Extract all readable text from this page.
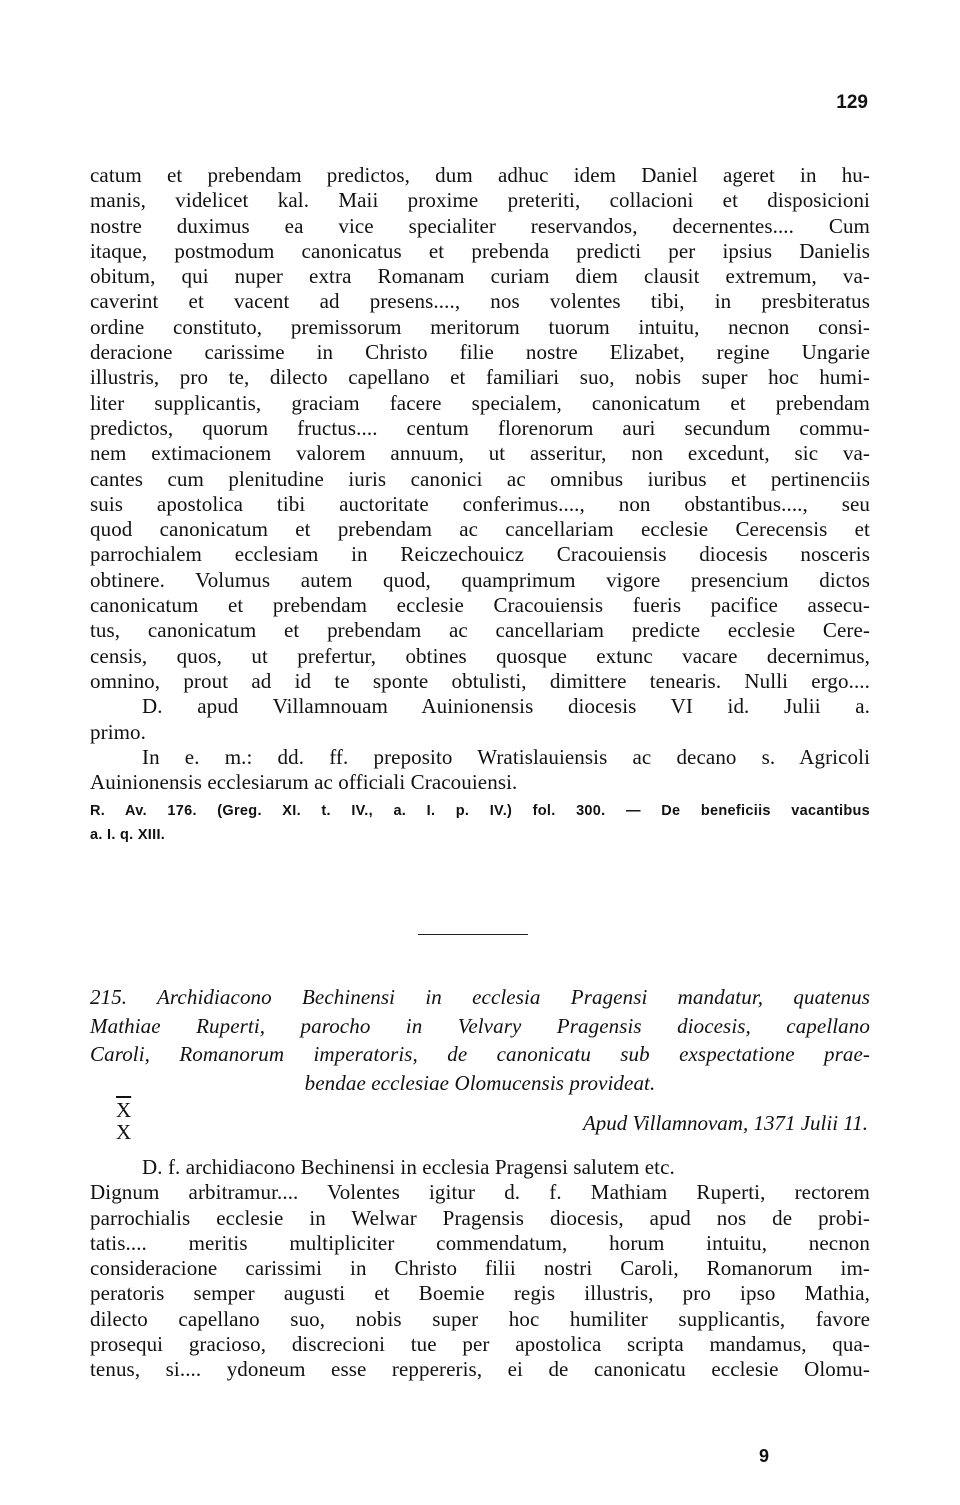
129
catum et prebendam predictos, dum adhuc idem Daniel ageret in hu-
manis, videlicet kal. Maii proxime preteriti, collacioni et disposicioni
nostre duximus ea vice specialiter reservandos, decernentes.... Cum
itaque, postmodum canonicatus et prebenda predicti per ipsius Danielis
obitum, qui nuper extra Romanam curiam diem clausit extremum, va-
caverint et vacent ad presens...., nos volentes tibi, in presbiteratus
ordine constituto, premissorum meritorum tuorum intuitu, necnon consi-
deracione carissime in Christo filie nostre Elizabet, regine Ungarie
illustris, pro te, dilecto capellano et familiari suo, nobis super hoc humi-
liter supplicantis, graciam facere specialem, canonicatum et prebendam
predictos, quorum fructus.... centum florenorum auri secundum commu-
nem extimacionem valorem annuum, ut asseritur, non excedunt, sic va-
cantes cum plenitudine iuris canonici ac omnibus iuribus et pertinenciis
suis apostolica tibi auctoritate conferimus...., non obstantibus...., seu
quod canonicatum et prebendam ac cancellariam ecclesie Cerecensis et
parrochialem ecclesiam in Reiczechouicz Cracouiensis diocesis nosceris
obtinere. Volumus autem quod, quamprimum vigore presencium dictos
canonicatum et prebendam ecclesie Cracouiensis fueris pacifice assecu-
tus, canonicatum et prebendam ac cancellariam predicte ecclesie Cere-
censis, quos, ut prefertur, obtines quosque extunc vacare decernimus,
omnino, prout ad id te sponte obtulisti, dimittere tenearis. Nulli ergo....
D. apud Villamnouam Auinionensis diocesis VI id. Julii a.
primo.
In e. m.: dd. ff. preposito Wratislauiensis ac decano s. Agricoli
Auinionensis ecclesiarum ac officiali Cracouiensi.
R. Av. 176. (Greg. XI. t. IV., a. I. p. IV.) fol. 300. — De beneficiis vacantibus
a. I. q. XIII.
215. Archidiacono Bechinensi in ecclesia Pragensi mandatur, quatenus
Mathiae Ruperti, parocho in Velvary Pragensis diocesis, capellano
Caroli, Romanorum imperatoris, de canonicatu sub exspectatione prae-
bendae ecclesiae Olomucensis provideat.
$\overline{X}$
X	Apud Villamnovam, 1371 Julii 11.
D. f. archidiacono Bechinensi in ecclesia Pragensi salutem etc.
Dignum arbitramur.... Volentes igitur d. f. Mathiam Ruperti, rectorem
parrochialis ecclesie in Welwar Pragensis diocesis, apud nos de probi-
tatis.... meritis multipliciter commendatum, horum intuitu, necnon
consideracione carissimi in Christo filii nostri Caroli, Romanorum im-
peratoris semper augusti et Boemie regis illustris, pro ipso Mathia,
dilecto capellano suo, nobis super hoc humiliter supplicantis, favore
prosequi gracioso, discrecioni tue per apostolica scripta mandamus, qua-
tenus, si.... ydoneum esse reppereris, ei de canonicatu ecclesie Olomu-
9
